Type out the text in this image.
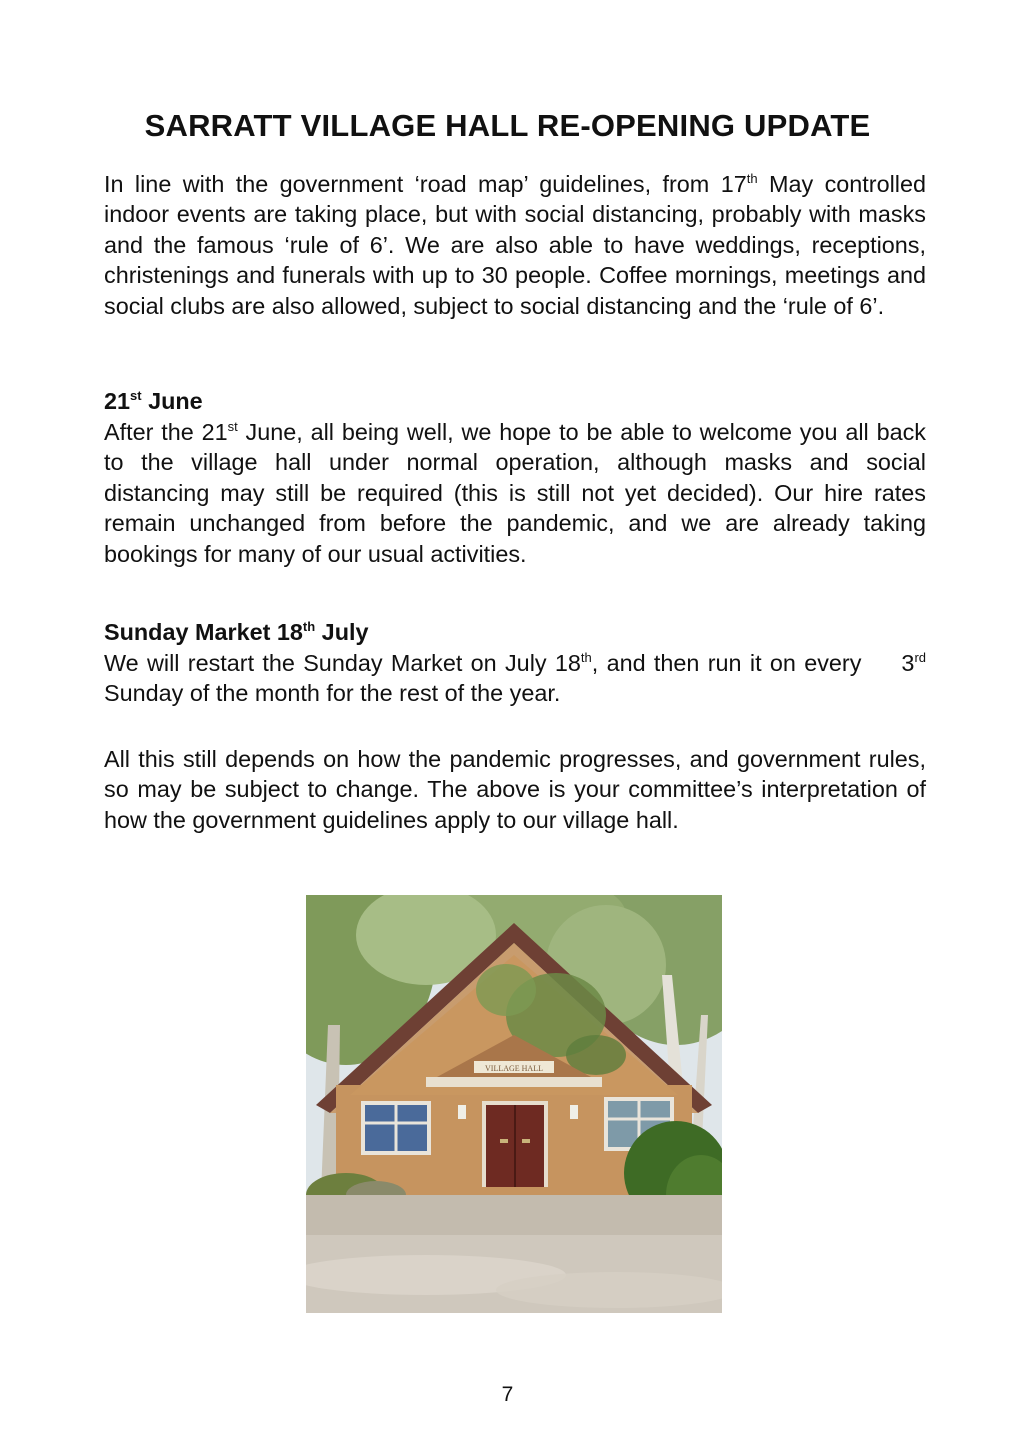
SARRATT VILLAGE HALL RE-OPENING UPDATE

In line with the government ‘road map’ guidelines, from 17th May controlled indoor events are taking place, but with social distancing, probably with masks and the famous ‘rule of 6’. We are also able to have weddings, receptions, christenings and funerals with up to 30 people. Coffee mornings, meetings and social clubs are also allowed, subject to social distancing and the ‘rule of 6’.

21st June

After the 21st June, all being well, we hope to be able to welcome you all back to the village hall under normal operation, although masks and social distancing may still be required (this is still not yet decided). Our hire rates remain unchanged from before the pandemic, and we are already taking bookings for many of our usual activities.

Sunday Market 18th July

We will restart the Sunday Market on July 18th, and then run it on every 3rd Sunday of the month for the rest of the year.

All this still depends on how the pandemic progresses, and government rules, so may be subject to change. The above is your committee’s interpretation of how the government guidelines apply to our village hall.

VILLAGE HALL
7
